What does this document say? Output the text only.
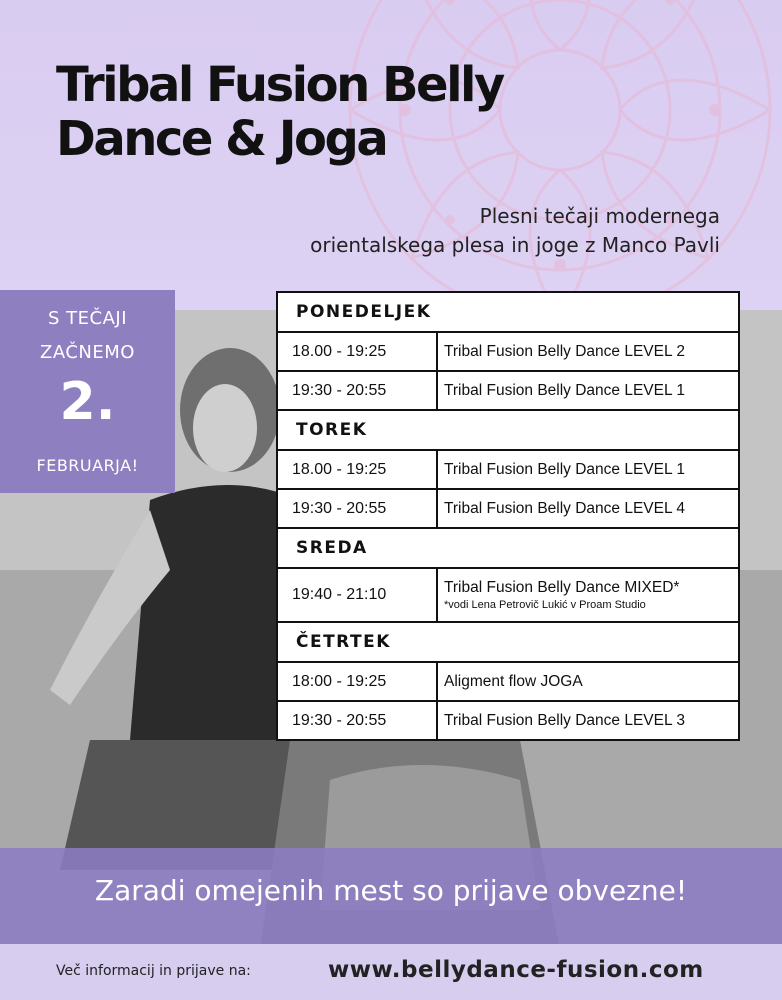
Tribal Fusion Belly
Dance & Joga
Plesni tečaji modernega
orientalskega plesa in joge z Manco Pavli
S TEČAJI
ZAČNEMO
2.
FEBRUARJA!
PONEDELJEK	
18.00 - 19:25	Tribal Fusion Belly Dance LEVEL 2
19:30 - 20:55	Tribal Fusion Belly Dance LEVEL 1
TOREK	
18.00 - 19:25	Tribal Fusion Belly Dance LEVEL 1
19:30 - 20:55	Tribal Fusion Belly Dance LEVEL 4
SREDA	
19:40 - 21:10	Tribal Fusion Belly Dance MIXED*
*vodi Lena Petrovič Lukić v Proam Studio

ČETRTEK	
18:00 - 19:25	Aligment flow JOGA
19:30 - 20:55	Tribal Fusion Belly Dance LEVEL 3
Zaradi omejenih mest so prijave obvezne!
Več informacij in prijave na:	www.bellydance-fusion.com
